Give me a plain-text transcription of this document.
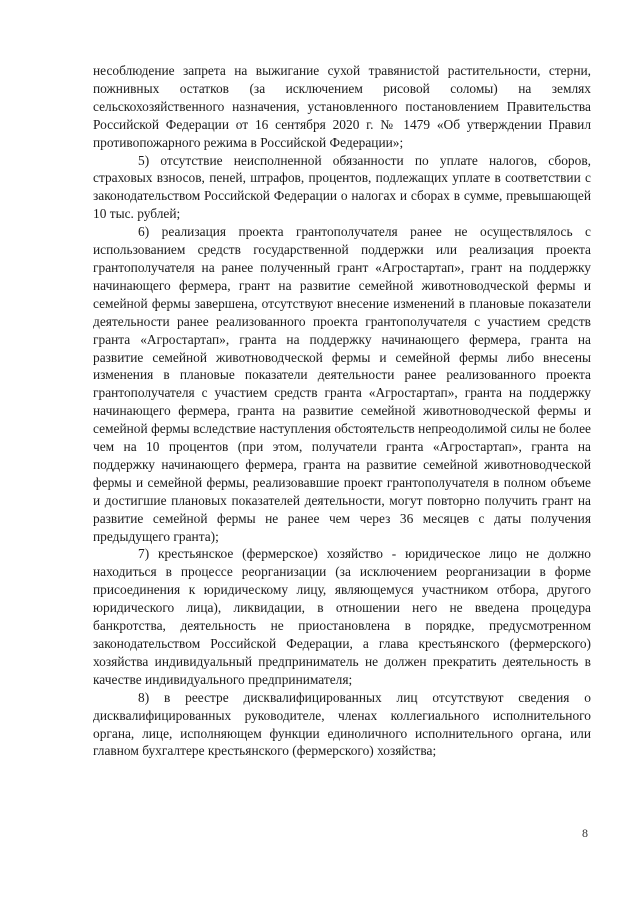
несоблюдение запрета на выжигание сухой травянистой растительности, стерни, пожнивных остатков (за исключением рисовой соломы) на землях сельскохозяйственного назначения, установленного постановлением Правительства Российской Федерации от 16 сентября 2020 г. № 1479 «Об утверждении Правил противопожарного режима в Российской Федерации»;

5) отсутствие неисполненной обязанности по уплате налогов, сборов, страховых взносов, пеней, штрафов, процентов, подлежащих уплате в соответствии с законодательством Российской Федерации о налогах и сборах в сумме, превышающей 10 тыс. рублей;

6) реализация проекта грантополучателя ранее не осуществлялось с использованием средств государственной поддержки или реализация проекта грантополучателя на ранее полученный грант «Агростартап», грант на поддержку начинающего фермера, грант на развитие семейной животноводческой фермы и семейной фермы завершена, отсутствуют внесение изменений в плановые показатели деятельности ранее реализованного проекта грантополучателя с участием средств гранта «Агростартап», гранта на поддержку начинающего фермера, гранта на развитие семейной животноводческой фермы и семейной фермы либо внесены изменения в плановые показатели деятельности ранее реализованного проекта грантополучателя с участием средств гранта «Агростартап», гранта на поддержку начинающего фермера, гранта на развитие семейной животноводческой фермы и семейной фермы вследствие наступления обстоятельств непреодолимой силы не более чем на 10 процентов (при этом, получатели гранта «Агростартап», гранта на поддержку начинающего фермера, гранта на развитие семейной животноводческой фермы и семейной фермы, реализовавшие проект грантополучателя в полном объеме и достигшие плановых показателей деятельности, могут повторно получить грант на развитие семейной фермы не ранее чем через 36 месяцев с даты получения предыдущего гранта);

7) крестьянское (фермерское) хозяйство - юридическое лицо не должно находиться в процессе реорганизации (за исключением реорганизации в форме присоединения к юридическому лицу, являющемуся участником отбора, другого юридического лица), ликвидации, в отношении него не введена процедура банкротства, деятельность не приостановлена в порядке, предусмотренном законодательством Российской Федерации, а глава крестьянского (фермерского) хозяйства индивидуальный предприниматель не должен прекратить деятельность в качестве индивидуального предпринимателя;

8) в реестре дисквалифицированных лиц отсутствуют сведения о дисквалифицированных руководителе, членах коллегиального исполнительного органа, лице, исполняющем функции единоличного исполнительного органа, или главном бухгалтере крестьянского (фермерского) хозяйства;

8
